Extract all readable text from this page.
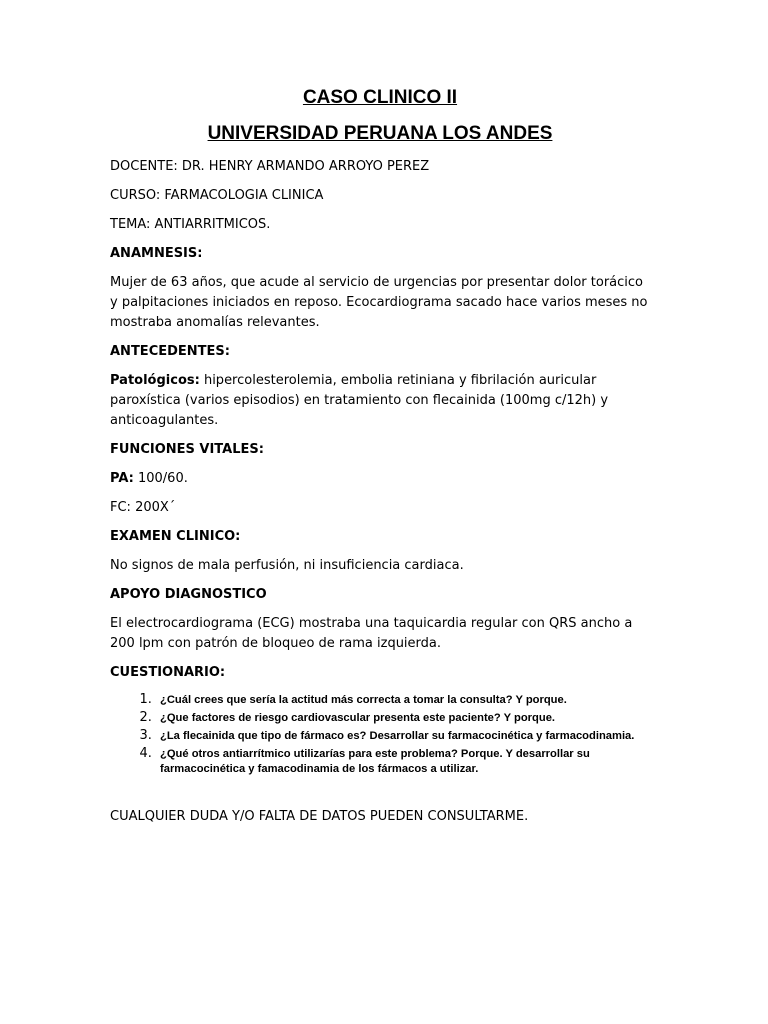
CASO CLINICO II
UNIVERSIDAD PERUANA LOS ANDES

DOCENTE: DR. HENRY ARMANDO ARROYO PEREZ

CURSO: FARMACOLOGIA CLINICA

TEMA: ANTIARRITMICOS.

ANAMNESIS:

Mujer de 63 años, que acude al servicio de urgencias por presentar dolor torácico y palpitaciones iniciados en reposo. Ecocardiograma sacado hace varios meses no mostraba anomalías relevantes.

ANTECEDENTES:

Patológicos: hipercolesterolemia, embolia retiniana y fibrilación auricular paroxística (varios episodios) en tratamiento con flecainida (100mg c/12h) y anticoagulantes.

FUNCIONES VITALES:

PA: 100/60.

FC: 200X´

EXAMEN CLINICO:

No signos de mala perfusión, ni insuficiencia cardiaca.

APOYO DIAGNOSTICO

El electrocardiograma (ECG) mostraba una taquicardia regular con QRS ancho a 200 lpm con patrón de bloqueo de rama izquierda.

CUESTIONARIO:

1. ¿Cuál crees que sería la actitud más correcta a tomar la consulta? Y porque.
2. ¿Que factores de riesgo cardiovascular presenta este paciente? Y porque.
3. ¿La flecainida que tipo de fármaco es? Desarrollar su farmacocinética y farmacodinamia.
4. ¿Qué otros antiarrítmico utilizarías para este problema? Porque. Y desarrollar su farmacocinética y famacodinamia de los fármacos a utilizar.

CUALQUIER DUDA Y/O FALTA DE DATOS PUEDEN CONSULTARME.
